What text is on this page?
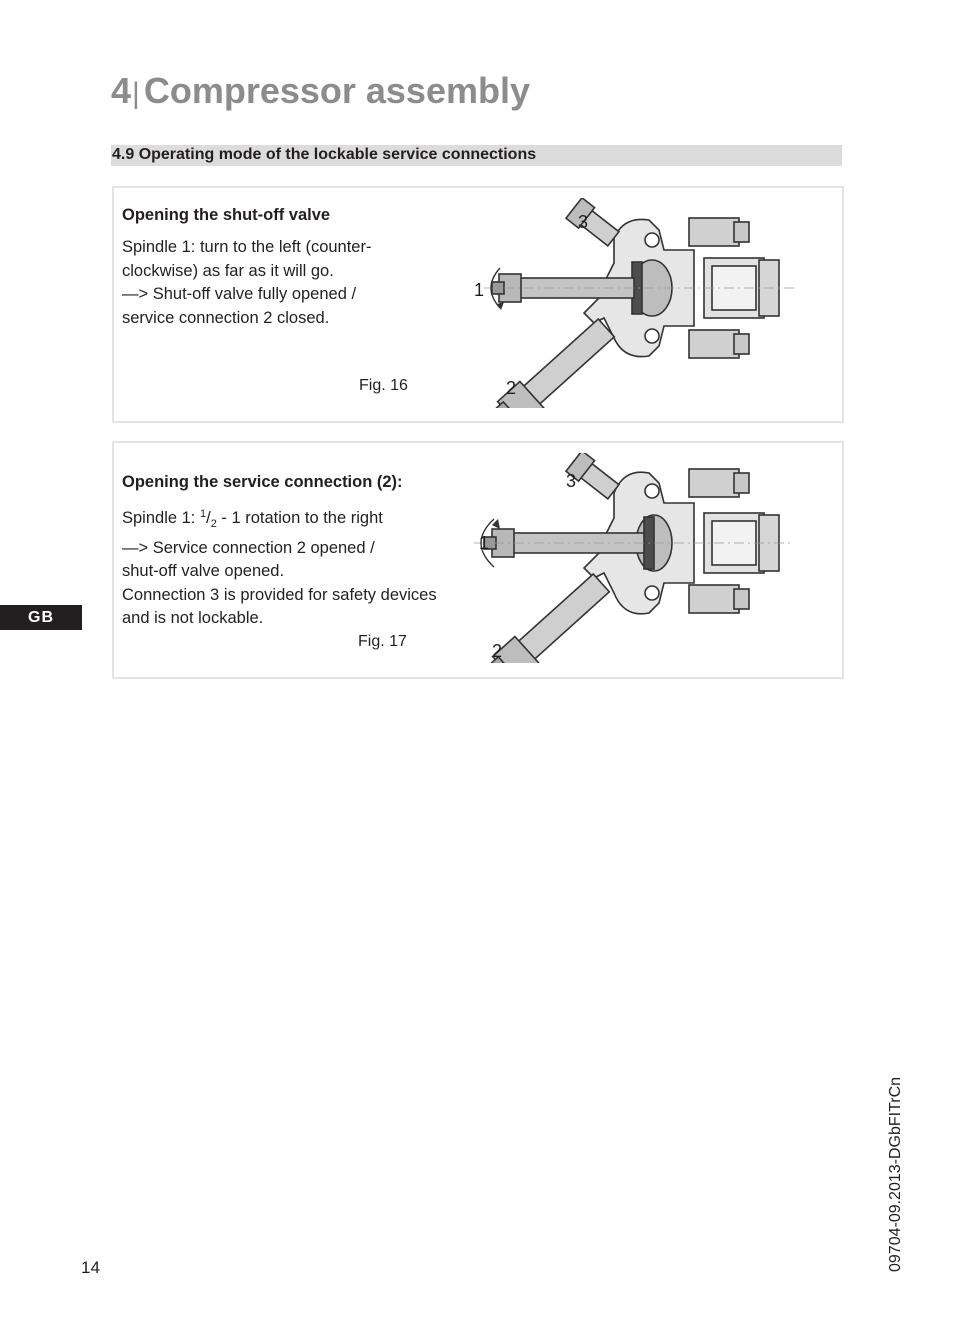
4| Compressor assembly
4.9 Operating mode of the lockable service connections
Opening the shut-off valve
Spindle 1: turn to the left (counter-
clockwise) as far as it will go.
—> Shut-off valve fully opened /
service connection 2 closed.
Fig. 16
1
2
3
Opening the service connection (2):
Spindle 1: $^1/_2 - 1$ rotation to the right
—> Service connection 2 opened /
shut-off valve opened.
Connection 3 is provided for safety devices
and is not lockable.
Fig. 17
1
2
3
GB
14	09704-09.2013-DGbFITrCn
